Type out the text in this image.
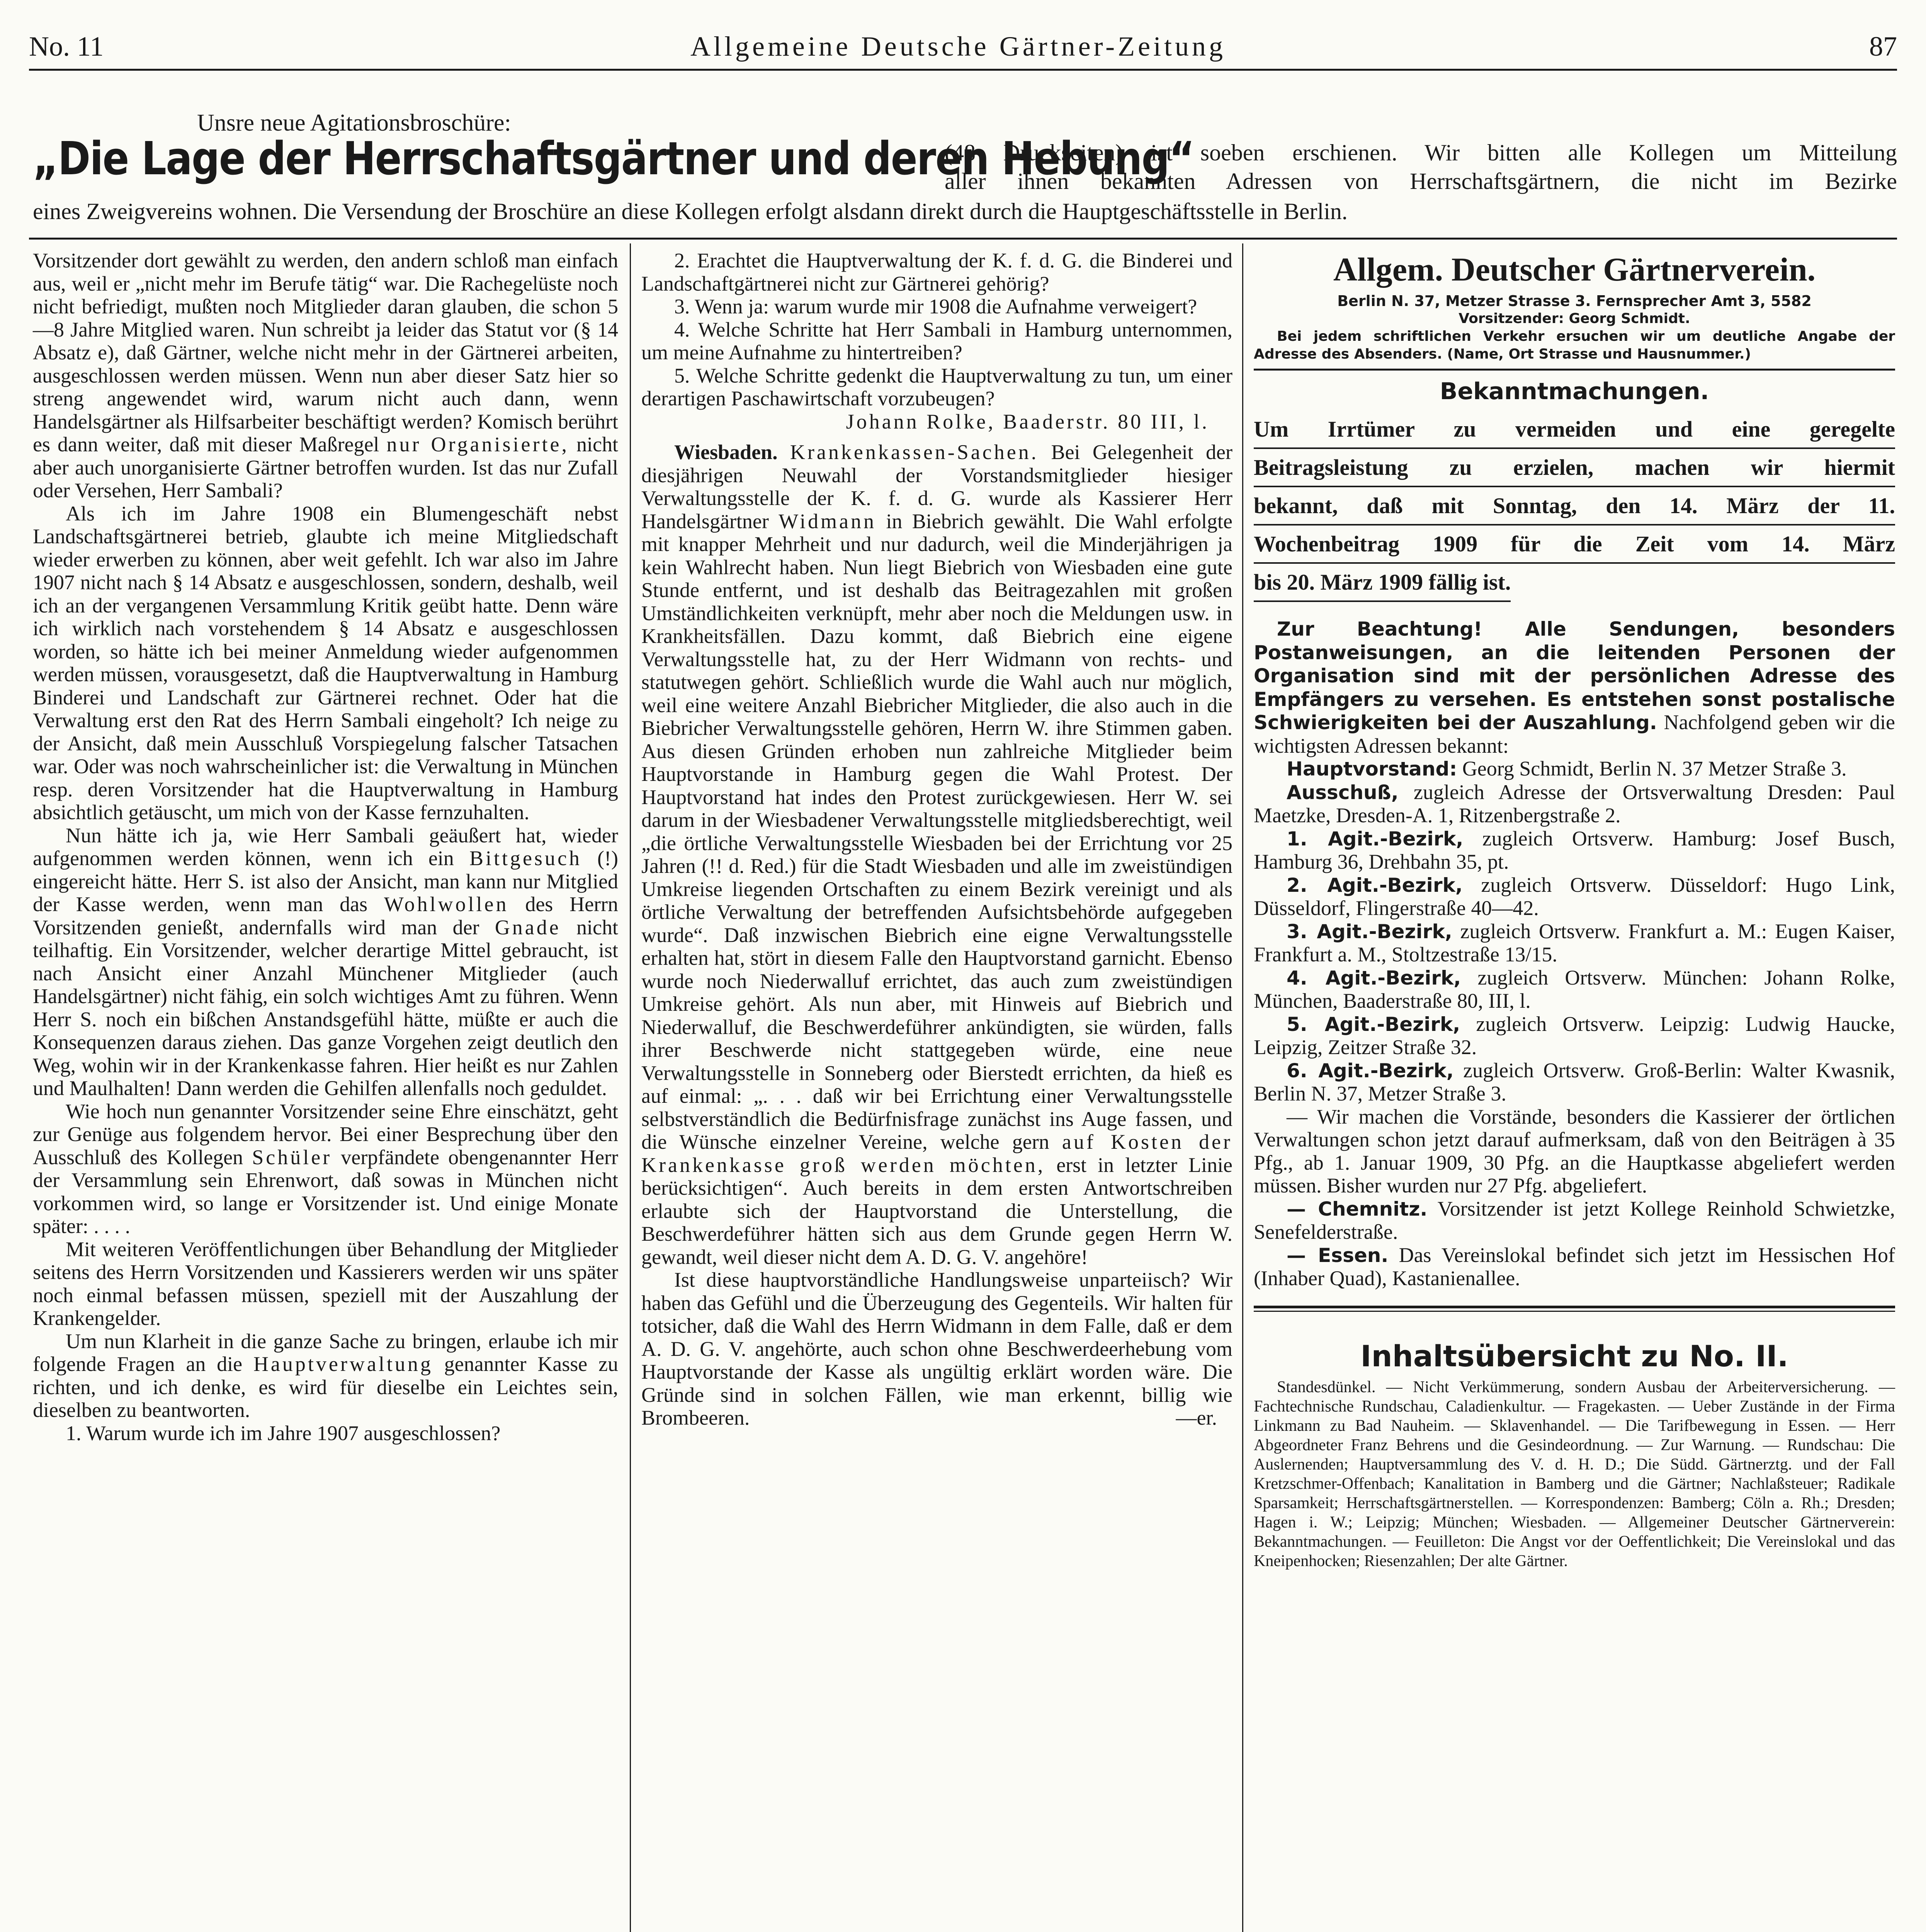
No. 11	Allgemeine Deutsche Gärtner-Zeitung	87
Unsre neue Agitationsbroschüre:
„Die Lage der Herrschaftsgärtner und deren Hebung“
(48 Druckseiten) ist soeben erschienen. Wir bitten alle Kollegen um Mitteilung
aller ihnen bekannten Adressen von Herrschaftsgärtnern, die nicht im Bezirke
eines Zweigvereins wohnen. Die Versendung der Broschüre an diese Kollegen erfolgt alsdann direkt durch die Hauptgeschäftsstelle in Berlin.

Vorsitzender dort gewählt zu werden, den andern schloß man einfach aus, weil er „nicht mehr im Berufe tätig“ war. Die Rachegelüste noch nicht befriedigt, mußten noch Mitglieder daran glauben, die schon 5—8 Jahre Mitglied waren. Nun schreibt ja leider das Statut vor (§ 14 Absatz e), daß Gärtner, welche nicht mehr in der Gärtnerei arbeiten, ausgeschlossen werden müssen. Wenn nun aber dieser Satz hier so streng angewendet wird, warum nicht auch dann, wenn Handelsgärtner als Hilfsarbeiter beschäftigt werden? Komisch berührt es dann weiter, daß mit dieser Maßregel nur Organisierte, nicht aber auch unorganisierte Gärtner betroffen wurden. Ist das nur Zufall oder Versehen, Herr Sambali?

Als ich im Jahre 1908 ein Blumengeschäft nebst Landschaftsgärtnerei betrieb, glaubte ich meine Mitgliedschaft wieder erwerben zu können, aber weit gefehlt. Ich war also im Jahre 1907 nicht nach § 14 Absatz e ausgeschlossen, sondern, deshalb, weil ich an der vergangenen Versammlung Kritik geübt hatte. Denn wäre ich wirklich nach vorstehendem § 14 Absatz e ausgeschlossen worden, so hätte ich bei meiner Anmeldung wieder aufgenommen werden müssen, vorausgesetzt, daß die Hauptverwaltung in Hamburg Binderei und Landschaft zur Gärtnerei rechnet. Oder hat die Verwaltung erst den Rat des Herrn Sambali eingeholt? Ich neige zu der Ansicht, daß mein Ausschluß Vorspiegelung falscher Tatsachen war. Oder was noch wahrscheinlicher ist: die Verwaltung in München resp. deren Vorsitzender hat die Hauptverwaltung in Hamburg absichtlich getäuscht, um mich von der Kasse fernzuhalten.

Nun hätte ich ja, wie Herr Sambali geäußert hat, wieder aufgenommen werden können, wenn ich ein Bittgesuch (!) eingereicht hätte. Herr S. ist also der Ansicht, man kann nur Mitglied der Kasse werden, wenn man das Wohlwollen des Herrn Vorsitzenden genießt, andernfalls wird man der Gnade nicht teilhaftig. Ein Vorsitzender, welcher derartige Mittel gebraucht, ist nach Ansicht einer Anzahl Münchener Mitglieder (auch Handelsgärtner) nicht fähig, ein solch wichtiges Amt zu führen. Wenn Herr S. noch ein bißchen Anstandsgefühl hätte, müßte er auch die Konsequenzen daraus ziehen. Das ganze Vorgehen zeigt deutlich den Weg, wohin wir in der Krankenkasse fahren. Hier heißt es nur Zahlen und Maulhalten! Dann werden die Gehilfen allenfalls noch geduldet.

Wie hoch nun genannter Vorsitzender seine Ehre einschätzt, geht zur Genüge aus folgendem hervor. Bei einer Besprechung über den Ausschluß des Kollegen Schüler verpfändete obengenannter Herr der Versammlung sein Ehrenwort, daß sowas in München nicht vorkommen wird, so lange er Vorsitzender ist. Und einige Monate später: . . . .

Mit weiteren Veröffentlichungen über Behandlung der Mitglieder seitens des Herrn Vorsitzenden und Kassierers werden wir uns später noch einmal befassen müssen, speziell mit der Auszahlung der Krankengelder.

Um nun Klarheit in die ganze Sache zu bringen, erlaube ich mir folgende Fragen an die Hauptverwaltung genannter Kasse zu richten, und ich denke, es wird für dieselbe ein Leichtes sein, dieselben zu beantworten.

1. Warum wurde ich im Jahre 1907 ausgeschlossen?

2. Erachtet die Hauptverwaltung der K. f. d. G. die Binderei und Landschaftgärtnerei nicht zur Gärtnerei gehörig?

3. Wenn ja: warum wurde mir 1908 die Aufnahme verweigert?

4. Welche Schritte hat Herr Sambali in Hamburg unternommen, um meine Aufnahme zu hintertreiben?

5. Welche Schritte gedenkt die Hauptverwaltung zu tun, um einer derartigen Paschawirtschaft vorzubeugen?

Johann Rolke, Baaderstr. 80 III, l.

Wiesbaden. Krankenkassen-Sachen. Bei Gelegenheit der diesjährigen Neuwahl der Vorstandsmitglieder hiesiger Verwaltungsstelle der K. f. d. G. wurde als Kassierer Herr Handelsgärtner Widmann in Biebrich gewählt. Die Wahl erfolgte mit knapper Mehrheit und nur dadurch, weil die Minderjährigen ja kein Wahlrecht haben. Nun liegt Biebrich von Wiesbaden eine gute Stunde entfernt, und ist deshalb das Beitragezahlen mit großen Umständlichkeiten verknüpft, mehr aber noch die Meldungen usw. in Krankheitsfällen. Dazu kommt, daß Biebrich eine eigene Verwaltungsstelle hat, zu der Herr Widmann von rechts- und statutwegen gehört. Schließlich wurde die Wahl auch nur möglich, weil eine weitere Anzahl Biebricher Mitglieder, die also auch in die Biebricher Verwaltungsstelle gehören, Herrn W. ihre Stimmen gaben. Aus diesen Gründen erhoben nun zahlreiche Mitglieder beim Hauptvorstande in Hamburg gegen die Wahl Protest. Der Hauptvorstand hat indes den Protest zurückgewiesen. Herr W. sei darum in der Wiesbadener Verwaltungsstelle mitgliedsberechtigt, weil „die örtliche Verwaltungsstelle Wiesbaden bei der Errichtung vor 25 Jahren (!! d. Red.) für die Stadt Wiesbaden und alle im zweistündigen Umkreise liegenden Ortschaften zu einem Bezirk vereinigt und als örtliche Verwaltung der betreffenden Aufsichtsbehörde aufgegeben wurde“. Daß inzwischen Biebrich eine eigne Verwaltungsstelle erhalten hat, stört in diesem Falle den Hauptvorstand garnicht. Ebenso wurde noch Niederwalluf errichtet, das auch zum zweistündigen Umkreise gehört. Als nun aber, mit Hinweis auf Biebrich und Niederwalluf, die Beschwerdeführer ankündigten, sie würden, falls ihrer Beschwerde nicht stattgegeben würde, eine neue Verwaltungsstelle in Sonneberg oder Bierstedt errichten, da hieß es auf einmal: „. . . daß wir bei Errichtung einer Verwaltungsstelle selbstverständlich die Bedürfnisfrage zunächst ins Auge fassen, und die Wünsche einzelner Vereine, welche gern auf Kosten der Krankenkasse groß werden möchten, erst in letzter Linie berücksichtigen“. Auch bereits in dem ersten Antwortschreiben erlaubte sich der Hauptvorstand die Unterstellung, die Beschwerdeführer hätten sich aus dem Grunde gegen Herrn W. gewandt, weil dieser nicht dem A. D. G. V. angehöre!

Ist diese hauptvorständliche Handlungsweise unparteiisch? Wir haben das Gefühl und die Überzeugung des Gegenteils. Wir halten für totsicher, daß die Wahl des Herrn Widmann in dem Falle, daß er dem A. D. G. V. angehörte, auch schon ohne Beschwerdeerhebung vom Hauptvorstande der Kasse als ungültig erklärt worden wäre. Die Gründe sind in solchen Fällen, wie man erkennt, billig wie Brombeeren.	—er.

Allgem. Deutscher Gärtnerverein.
Berlin N. 37, Metzer Strasse 3. Fernsprecher Amt 3, 5582
Vorsitzender: Georg Schmidt.
Bei jedem schriftlichen Verkehr ersuchen wir um deutliche Angabe der Adresse des Absenders. (Name, Ort Strasse und Hausnummer.)
Bekanntmachungen.
Um Irrtümer zu vermeiden und eine geregelte
Beitragsleistung zu erzielen, machen wir hiermit
bekannt, daß mit Sonntag, den 14. März der 11.
Wochenbeitrag 1909 für die Zeit vom 14. März
bis 20. März 1909 fällig ist.

Zur Beachtung! Alle Sendungen, besonders Postanweisungen, an die leitenden Personen der Organisation sind mit der persönlichen Adresse des Empfängers zu versehen. Es entstehen sonst postalische Schwierigkeiten bei der Auszahlung. Nachfolgend geben wir die wichtigsten Adressen bekannt:

Hauptvorstand: Georg Schmidt, Berlin N. 37 Metzer Straße 3.

Ausschuß, zugleich Adresse der Ortsverwaltung Dresden: Paul Maetzke, Dresden-A. 1, Ritzenbergstraße 2.

1. Agit.-Bezirk, zugleich Ortsverw. Hamburg: Josef Busch, Hamburg 36, Drehbahn 35, pt.

2. Agit.-Bezirk, zugleich Ortsverw. Düsseldorf: Hugo Link, Düsseldorf, Flingerstraße 40—42.

3. Agit.-Bezirk, zugleich Ortsverw. Frankfurt a. M.: Eugen Kaiser, Frankfurt a. M., Stoltzestraße 13/15.

4. Agit.-Bezirk, zugleich Ortsverw. München: Johann Rolke, München, Baaderstraße 80, III, l.

5. Agit.-Bezirk, zugleich Ortsverw. Leipzig: Ludwig Haucke, Leipzig, Zeitzer Straße 32.

6. Agit.-Bezirk, zugleich Ortsverw. Groß-Berlin: Walter Kwasnik, Berlin N. 37, Metzer Straße 3.

— Wir machen die Vorstände, besonders die Kassierer der örtlichen Verwaltungen schon jetzt darauf aufmerksam, daß von den Beiträgen à 35 Pfg., ab 1. Januar 1909, 30 Pfg. an die Hauptkasse abgeliefert werden müssen. Bisher wurden nur 27 Pfg. abgeliefert.

— Chemnitz. Vorsitzender ist jetzt Kollege Reinhold Schwietzke, Senefelderstraße.

— Essen. Das Vereinslokal befindet sich jetzt im Hessischen Hof (Inhaber Quad), Kastanienallee.

Inhaltsübersicht zu No. II.
Standesdünkel. — Nicht Verkümmerung, sondern Ausbau der Arbeiterversicherung. — Fachtechnische Rundschau, Caladienkultur. — Fragekasten. — Ueber Zustände in der Firma Linkmann zu Bad Nauheim. — Sklavenhandel. — Die Tarifbewegung in Essen. — Herr Abgeordneter Franz Behrens und die Gesindeordnung. — Zur Warnung. — Rundschau: Die Auslernenden; Hauptversammlung des V. d. H. D.; Die Südd. Gärtnerztg. und der Fall Kretzschmer-Offenbach; Kanalitation in Bamberg und die Gärtner; Nachlaßsteuer; Radikale Sparsamkeit; Herrschaftsgärtnerstellen. — Korrespondenzen: Bamberg; Cöln a. Rh.; Dresden; Hagen i. W.; Leipzig; München; Wiesbaden. — Allgemeiner Deutscher Gärtnerverein: Bekanntmachungen. — Feuilleton: Die Angst vor der Oeffentlichkeit; Die Vereinslokal und das Kneipenhocken; Riesenzahlen; Der alte Gärtner.
